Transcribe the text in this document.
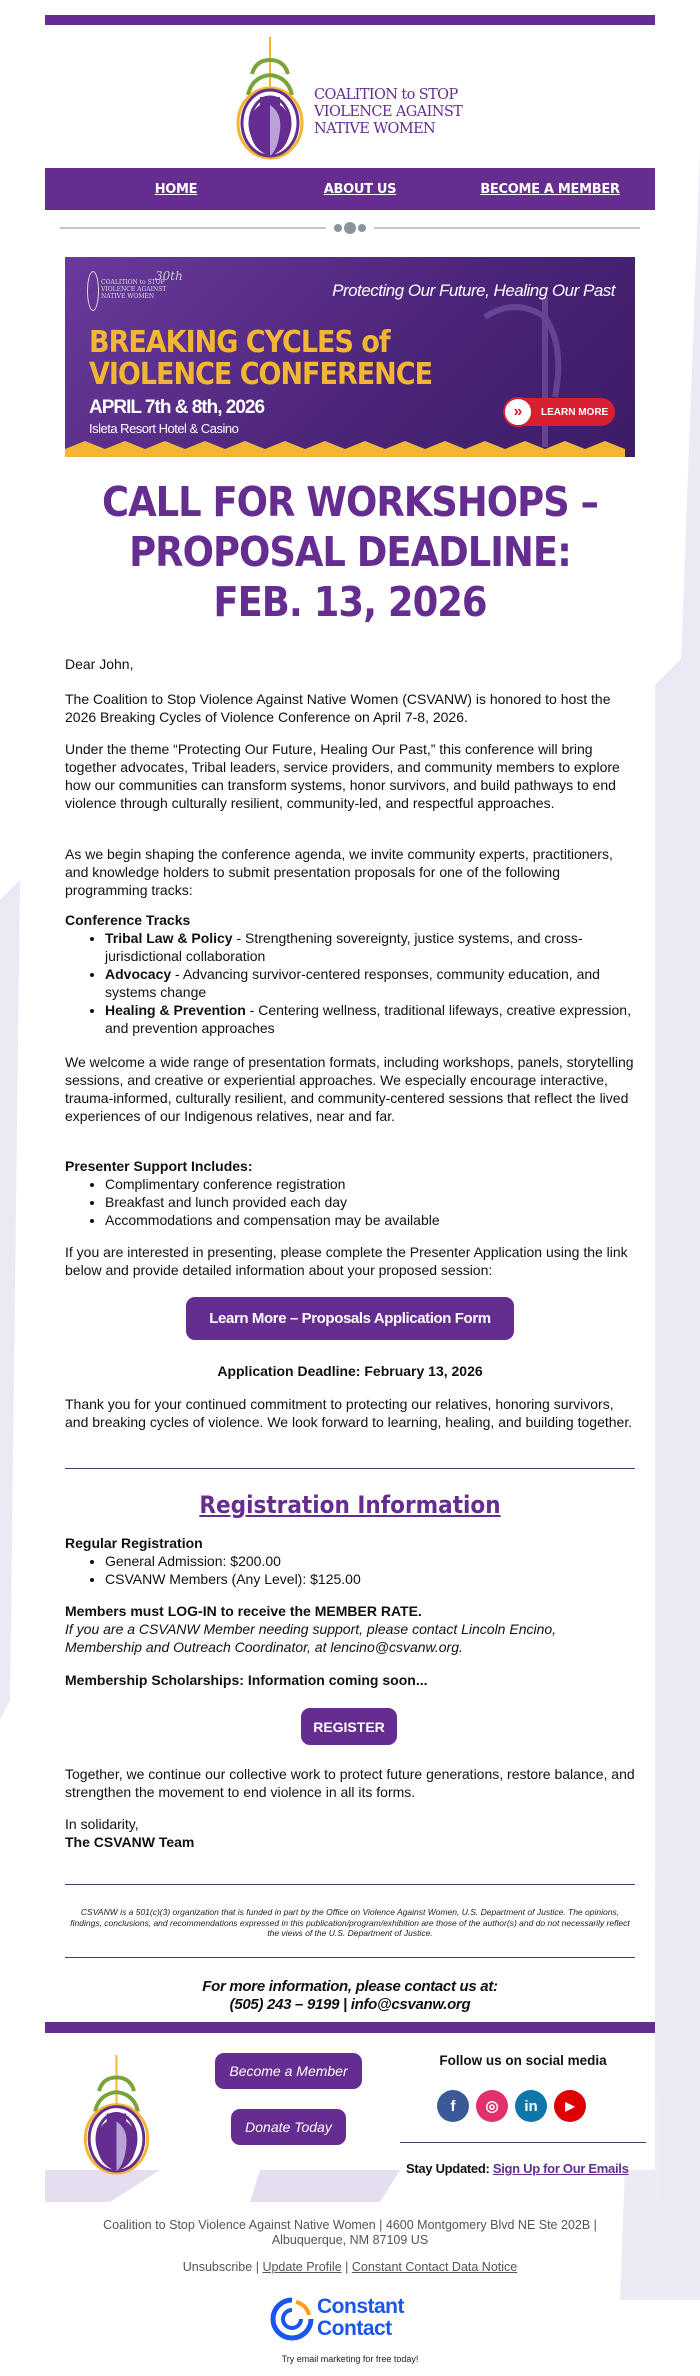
COALITION to STOP
VIOLENCE AGAINST
NATIVE WOMEN
HOME	ABOUT US	BECOME A MEMBER
30th
COALITION to STOP
VIOLENCE AGAINST
NATIVE WOMEN	Protecting Our Future, Healing Our Past
BREAKING CYCLES of
VIOLENCE CONFERENCE
APRIL 7th & 8th, 2026
Isleta Resort Hotel & Casino
»	LEARN MORE
CALL FOR WORKSHOPS –
PROPOSAL DEADLINE:
FEB. 13, 2026

Dear John,

The Coalition to Stop Violence Against Native Women (CSVANW) is honored to host the 2026 Breaking Cycles of Violence Conference on April 7-8, 2026.

Under the theme “Protecting Our Future, Healing Our Past,” this conference will bring together advocates, Tribal leaders, service providers, and community members to explore how our communities can transform systems, honor survivors, and build pathways to end violence through culturally resilient, community-led, and respectful approaches.

As we begin shaping the conference agenda, we invite community experts, practitioners, and knowledge holders to submit presentation proposals for one of the following programming tracks:

Conference Tracks
• Tribal Law & Policy - Strengthening sovereignty, justice systems, and cross-jurisdictional collaboration
• Advocacy - Advancing survivor-centered responses, community education, and systems change
• Healing & Prevention - Centering wellness, traditional lifeways, creative expression, and prevention approaches

We welcome a wide range of presentation formats, including workshops, panels, storytelling sessions, and creative or experiential approaches. We especially encourage interactive, trauma-informed, culturally resilient, and community-centered sessions that reflect the lived experiences of our Indigenous relatives, near and far.

Presenter Support Includes:
• Complimentary conference registration
• Breakfast and lunch provided each day
• Accommodations and compensation may be available

If you are interested in presenting, please complete the Presenter Application using the link below and provide detailed information about your proposed session:

Learn More – Proposals Application Form

Application Deadline: February 13, 2026

Thank you for your continued commitment to protecting our relatives, honoring survivors, and breaking cycles of violence. We look forward to learning, healing, and building together.

Registration Information
Regular Registration
• General Admission: $200.00
• CSVANW Members (Any Level): $125.00

Members must LOG-IN to receive the MEMBER RATE.

If you are a CSVANW Member needing support, please contact Lincoln Encino, Membership and Outreach Coordinator, at lencino@csvanw.org.

Membership Scholarships: Information coming soon...

REGISTER

Together, we continue our collective work to protect future generations, restore balance, and strengthen the movement to end violence in all its forms.

In solidarity,

The CSVANW Team

CSVANW is a 501(c)(3) organization that is funded in part by the Office on Violence Against Women, U.S. Department of Justice. The opinions, findings, conclusions, and recommendations expressed in this publication/program/exhibition are those of the author(s) and do not necessarily reflect the views of the U.S. Department of Justice.

For more information, please contact us at:
(505) 243 – 9199 | info@csvanw.org
Become a Member
Donate Today
Follow us on social media
f	◎	in	▶
Stay Updated: Sign Up for Our Emails
Coalition to Stop Violence Against Native Women | 4600 Montgomery Blvd NE Ste 202B |
Albuquerque, NM 87109 US
Unsubscribe | Update Profile | Constant Contact Data Notice
Constant
Contact
Try email marketing for free today!
